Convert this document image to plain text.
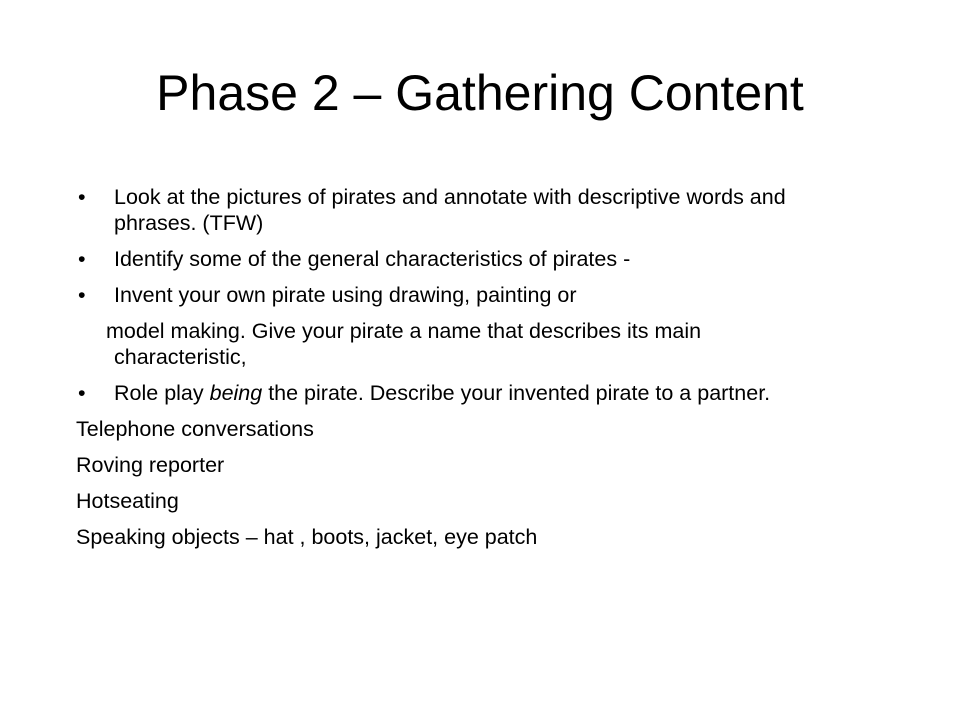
Phase 2 – Gathering Content
• Look at the pictures of pirates and annotate with descriptive words and phrases. (TFW)
• Identify some of the general characteristics of pirates -
• Invent your own pirate using drawing, painting or
model making. Give your pirate a name that describes its main characteristic,
• Role play being the pirate. Describe your invented pirate to a partner.
Telephone conversations
Roving reporter
Hotseating
Speaking objects – hat , boots, jacket, eye patch
